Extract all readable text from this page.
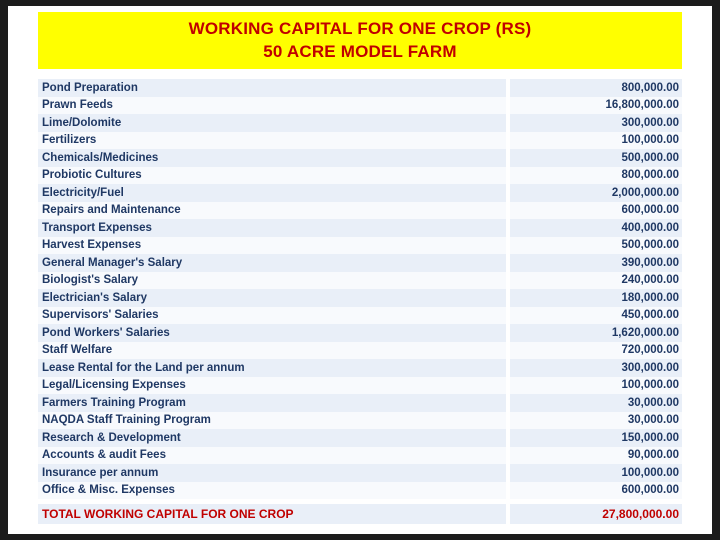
WORKING CAPITAL FOR ONE CROP (RS)
50 ACRE MODEL FARM
Pond Preparation	800,000.00
Prawn Feeds	16,800,000.00
Lime/Dolomite	300,000.00
Fertilizers	100,000.00
Chemicals/Medicines	500,000.00
Probiotic Cultures	800,000.00
Electricity/Fuel	2,000,000.00
Repairs and Maintenance	600,000.00
Transport Expenses	400,000.00
Harvest Expenses	500,000.00
General Manager's Salary	390,000.00
Biologist's Salary	240,000.00
Electrician's Salary	180,000.00
Supervisors' Salaries	450,000.00
Pond Workers' Salaries	1,620,000.00
Staff Welfare	720,000.00
Lease Rental for the Land per annum	300,000.00
Legal/Licensing Expenses	100,000.00
Farmers Training Program	30,000.00
NAQDA Staff Training Program	30,000.00
Research & Development	150,000.00
Accounts & audit Fees	90,000.00
Insurance per annum	100,000.00
Office & Misc. Expenses	600,000.00
TOTAL WORKING CAPITAL FOR ONE CROP	27,800,000.00
